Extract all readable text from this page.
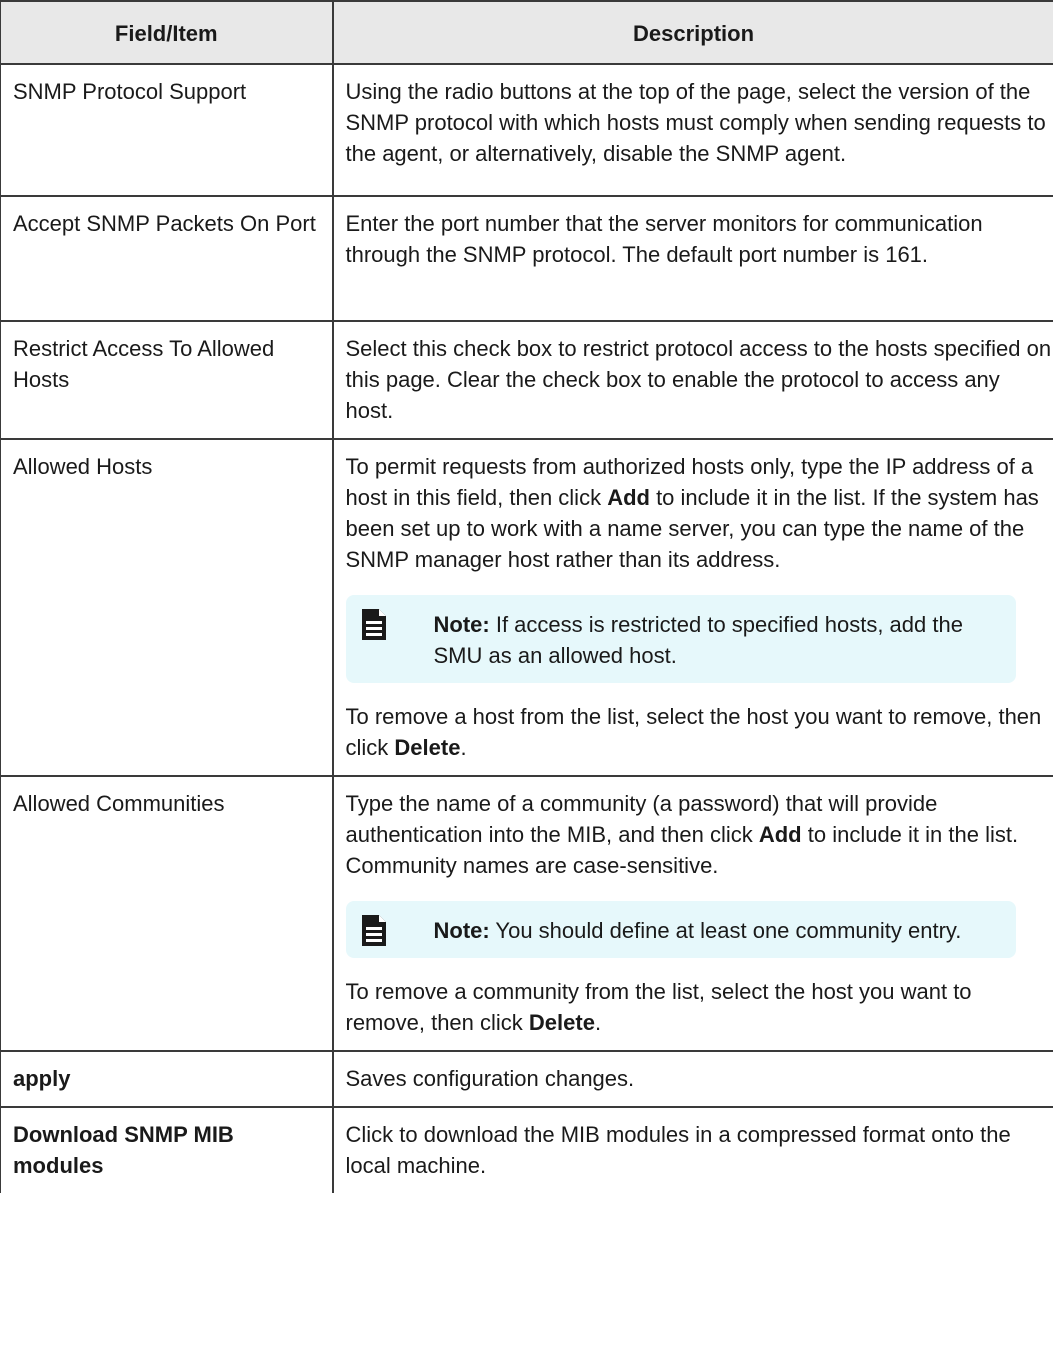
Field/Item	Description
SNMP Protocol Support	Using the radio buttons at the top of the page, select the version of the SNMP protocol with which hosts must comply when sending requests to the agent, or alternatively, disable the SNMP agent.
Accept SNMP Packets On Port	Enter the port number that the server monitors for communication through the SNMP protocol. The default port number is 161.
Restrict Access To Allowed Hosts	Select this check box to restrict protocol access to the hosts specified on this page. Clear the check box to enable the protocol to access any host.
Allowed Hosts	To permit requests from authorized hosts only, type the IP address of a host in this field, then click Add to include it in the list. If the system has been set up to work with a name server, you can type the name of the SNMP manager host rather than its address.

Note: If access is restricted to specified hosts, add the SMU as an allowed host.

To remove a host from the list, select the host you want to remove, then click Delete.

Allowed Communities	Type the name of a community (a password) that will provide authentication into the MIB, and then click Add to include it in the list. Community names are case-sensitive.

Note: You should define at least one community entry.

To remove a community from the list, select the host you want to remove, then click Delete.

apply	Saves configuration changes.
Download SNMP MIB modules	Click to download the MIB modules in a compressed format onto the local machine.
